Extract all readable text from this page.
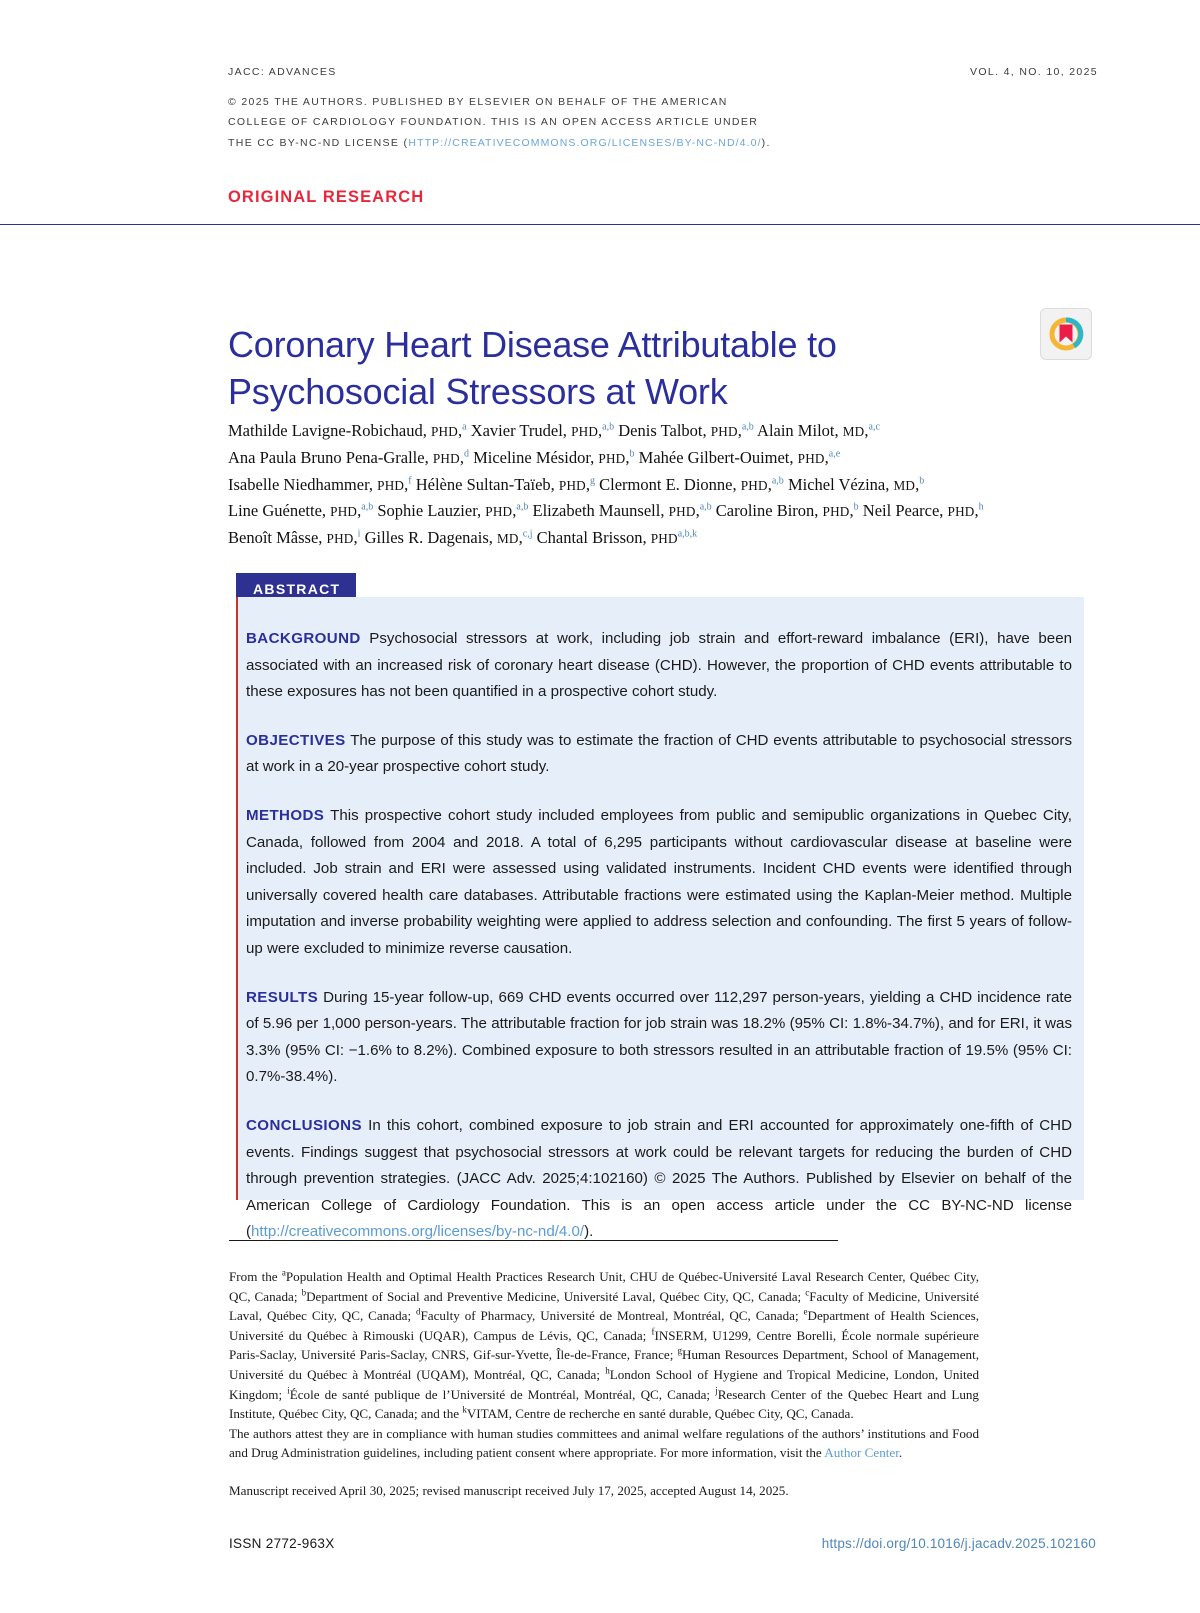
JACC: ADVANCES	VOL. 4, NO. 10, 2025
© 2025 THE AUTHORS. PUBLISHED BY ELSEVIER ON BEHALF OF THE AMERICAN
COLLEGE OF CARDIOLOGY FOUNDATION. THIS IS AN OPEN ACCESS ARTICLE UNDER
THE CC BY-NC-ND LICENSE (HTTP://CREATIVECOMMONS.ORG/LICENSES/BY-NC-ND/4.0/).
ORIGINAL RESEARCH
Coronary Heart Disease Attributable to Psychosocial Stressors at Work
Mathilde Lavigne-Robichaud, PHD,$^a$ Xavier Trudel, PHD,$^{a,b}$ Denis Talbot, PHD,$^{a,b}$ Alain Milot, MD,$^{a,c}$
Ana Paula Bruno Pena-Gralle, PHD,$^d$ Miceline Mésidor, PHD,$^b$ Mahée Gilbert-Ouimet, PHD,$^{a,e}$
Isabelle Niedhammer, PHD,$^f$ Hélène Sultan-Taïeb, PHD,$^g$ Clermont E. Dionne, PHD,$^{a,b}$ Michel Vézina, MD,$^b$
Line Guénette, PHD,$^{a,b}$ Sophie Lauzier, PHD,$^{a,b}$ Elizabeth Maunsell, PHD,$^{a,b}$ Caroline Biron, PHD,$^b$ Neil Pearce, PHD,$^h$
Benoît Mâsse, PHD,$^i$ Gilles R. Dagenais, MD,$^{c,j}$ Chantal Brisson, PHD$^{a,b,k}$
ABSTRACT

BACKGROUND Psychosocial stressors at work, including job strain and effort-reward imbalance (ERI), have been associated with an increased risk of coronary heart disease (CHD). However, the proportion of CHD events attributable to these exposures has not been quantified in a prospective cohort study.

OBJECTIVES The purpose of this study was to estimate the fraction of CHD events attributable to psychosocial stressors at work in a 20-year prospective cohort study.

METHODS This prospective cohort study included employees from public and semipublic organizations in Quebec City, Canada, followed from 2004 and 2018. A total of 6,295 participants without cardiovascular disease at baseline were included. Job strain and ERI were assessed using validated instruments. Incident CHD events were identified through universally covered health care databases. Attributable fractions were estimated using the Kaplan-Meier method. Multiple imputation and inverse probability weighting were applied to address selection and confounding. The first 5 years of follow-up were excluded to minimize reverse causation.

RESULTS During 15-year follow-up, 669 CHD events occurred over 112,297 person-years, yielding a CHD incidence rate of 5.96 per 1,000 person-years. The attributable fraction for job strain was 18.2% (95% CI: 1.8%-34.7%), and for ERI, it was 3.3% (95% CI: −1.6% to 8.2%). Combined exposure to both stressors resulted in an attributable fraction of 19.5% (95% CI: 0.7%-38.4%).

CONCLUSIONS In this cohort, combined exposure to job strain and ERI accounted for approximately one-fifth of CHD events. Findings suggest that psychosocial stressors at work could be relevant targets for reducing the burden of CHD through prevention strategies. (JACC Adv. 2025;4:102160) © 2025 The Authors. Published by Elsevier on behalf of the American College of Cardiology Foundation. This is an open access article under the CC BY-NC-ND license (http://creativecommons.org/licenses/by-nc-nd/4.0/).

From the $^a$Population Health and Optimal Health Practices Research Unit, CHU de Québec-Université Laval Research Center, Québec City, QC, Canada; $^b$Department of Social and Preventive Medicine, Université Laval, Québec City, QC, Canada; $^c$Faculty of Medicine, Université Laval, Québec City, QC, Canada; $^d$Faculty of Pharmacy, Université de Montreal, Montréal, QC, Canada; $^e$Department of Health Sciences, Université du Québec à Rimouski (UQAR), Campus de Lévis, QC, Canada; $^f$INSERM, U1299, Centre Borelli, École normale supérieure Paris-Saclay, Université Paris-Saclay, CNRS, Gif-sur-Yvette, Île-de-France, France; $^g$Human Resources Department, School of Management, Université du Québec à Montréal (UQAM), Montréal, QC, Canada; $^h$London School of Hygiene and Tropical Medicine, London, United Kingdom; $^i$École de santé publique de l’Université de Montréal, Montréal, QC, Canada; $^j$Research Center of the Quebec Heart and Lung Institute, Québec City, QC, Canada; and the $^k$VITAM, Centre de recherche en santé durable, Québec City, QC, Canada.

The authors attest they are in compliance with human studies committees and animal welfare regulations of the authors’ institutions and Food and Drug Administration guidelines, including patient consent where appropriate. For more information, visit the Author Center.

Manuscript received April 30, 2025; revised manuscript received July 17, 2025, accepted August 14, 2025.

ISSN 2772-963X	https://doi.org/10.1016/j.jacadv.2025.102160
